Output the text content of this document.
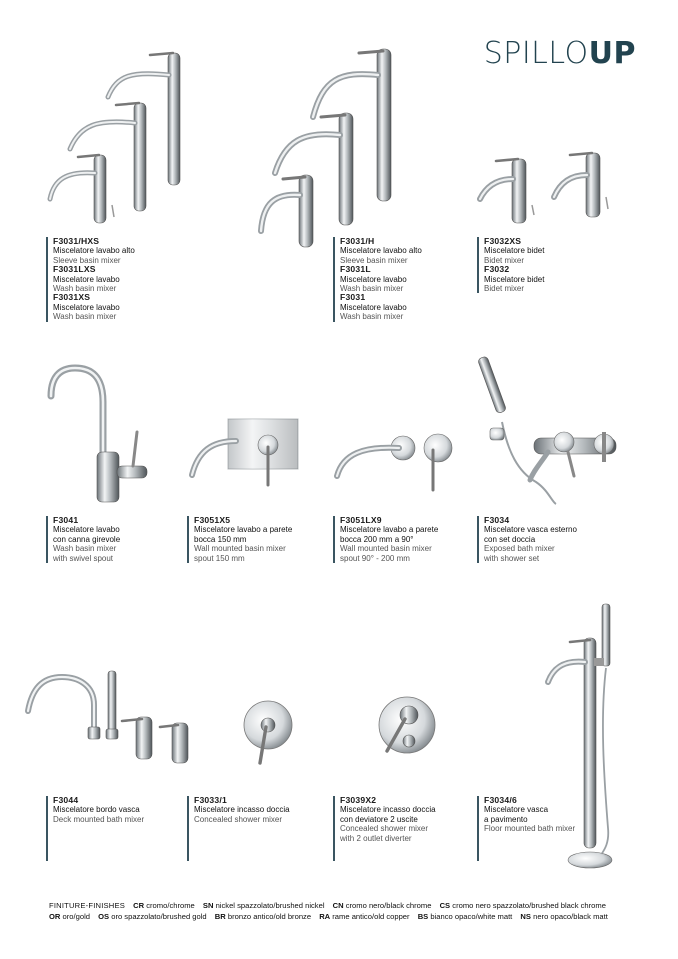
SPILLOUP
F3031/HXS
Miscelatore lavabo alto
Sleeve basin mixer
F3031LXS
Miscelatore lavabo
Wash basin mixer
F3031XS
Miscelatore lavabo
Wash basin mixer
F3031/H
Miscelatore lavabo alto
Sleeve basin mixer
F3031L
Miscelatore lavabo
Wash basin mixer
F3031
Miscelatore lavabo
Wash basin mixer
F3032XS
Miscelatore bidet
Bidet mixer
F3032
Miscelatore bidet
Bidet mixer
F3041
Miscelatore lavabo
con canna girevole
Wash basin mixer
with swivel spout
F3051X5
Miscelatore lavabo a parete
bocca 150 mm
Wall mounted basin mixer
spout 150 mm
F3051LX9
Miscelatore lavabo a parete
bocca 200 mm a 90°
Wall mounted basin mixer
spout 90° - 200 mm
F3034
Miscelatore vasca esterno
con set doccia
Exposed bath mixer
with shower set
F3044
Miscelatore bordo vasca
Deck mounted bath mixer
F3033/1
Miscelatore incasso doccia
Concealed shower mixer
F3039X2
Miscelatore incasso doccia
con deviatore 2 uscite
Concealed shower mixer
with 2 outlet diverter
F3034/6
Miscelatore vasca
a pavimento
Floor mounted bath mixer
FINITURE-FINISHES CR cromo/chrome SN nickel spazzolato/brushed nickel CN cromo nero/black chrome CS cromo nero spazzolato/brushed black chrome
OR oro/gold OS oro spazzolato/brushed gold BR bronzo antico/old bronze RA rame antico/old copper BS bianco opaco/white matt NS nero opaco/black matt
